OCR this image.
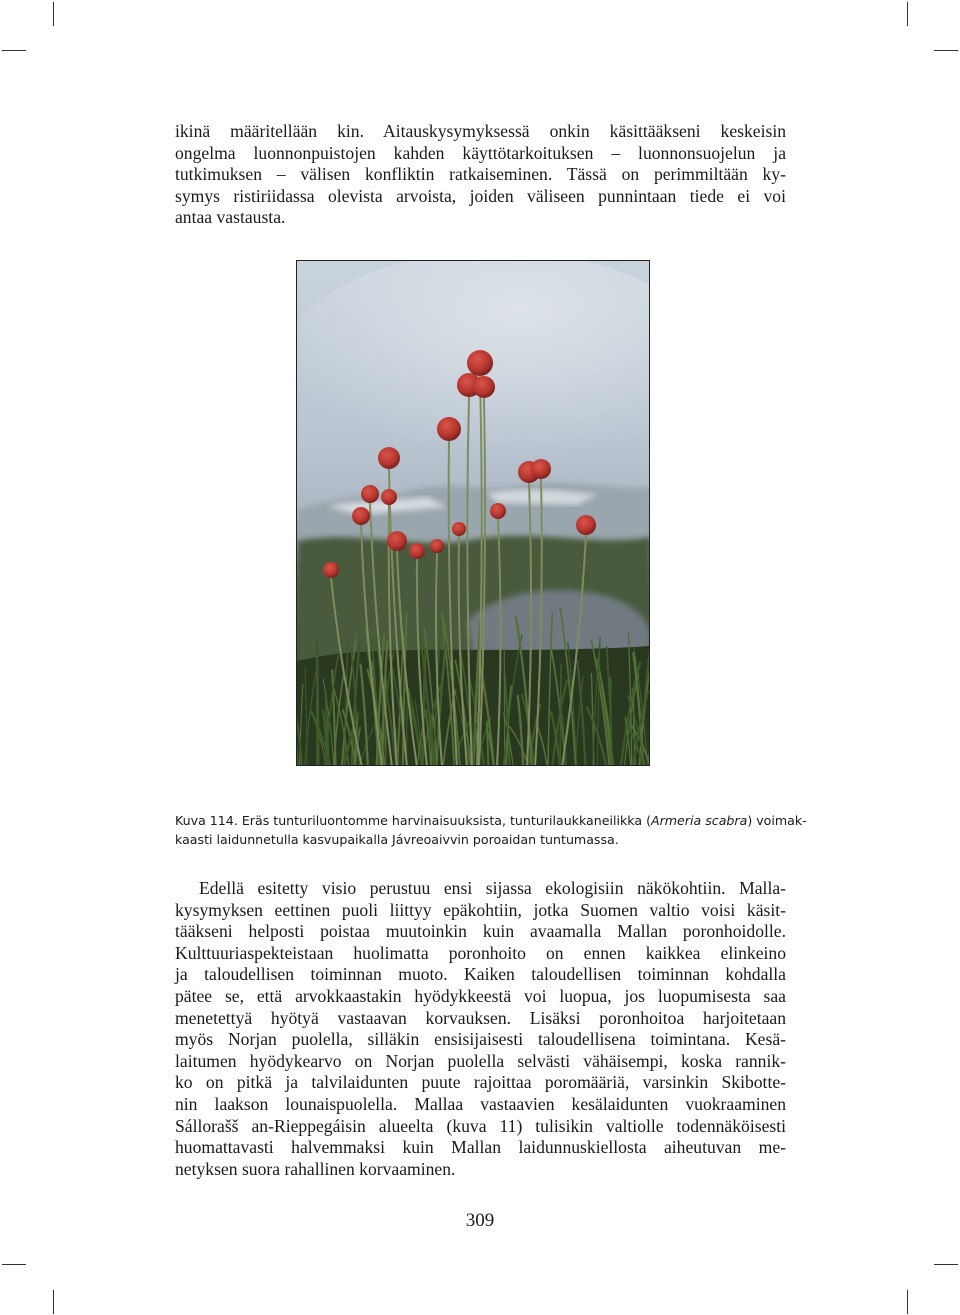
ikinä määritellään kin. Aitauskysymyksessä onkin käsittääkseni keskeisin
ongelma luonnonpuistojen kahden käyttötarkoituksen – luonnonsuojelun ja
tutkimuksen – välisen konfliktin ratkaiseminen. Tässä on perimmiltään ky-
symys ristiriidassa olevista arvoista, joiden väliseen punnintaan tiede ei voi
antaa vastausta.

Kuva 114. Eräs tunturiluontomme harvinaisuuksista, tunturilaukkaneilikka (Armeria scabra) voimak-
kaasti laidunnetulla kasvupaikalla Jávreoaivvin poroaidan tuntumassa.

Edellä esitetty visio perustuu ensi sijassa ekologisiin näkökohtiin. Malla-
kysymyksen eettinen puoli liittyy epäkohtiin, jotka Suomen valtio voisi käsit-
tääkseni helposti poistaa muutoinkin kuin avaamalla Mallan poronhoidolle.
Kulttuuriaspekteistaan huolimatta poronhoito on ennen kaikkea elinkeino
ja taloudellisen toiminnan muoto. Kaiken taloudellisen toiminnan kohdalla
pätee se, että arvokkaastakin hyödykkeestä voi luopua, jos luopumisesta saa
menetettyä hyötyä vastaavan korvauksen. Lisäksi poronhoitoa harjoitetaan
myös Norjan puolella, silläkin ensisijaisesti taloudellisena toimintana. Kesä-
laitumen hyödykearvo on Norjan puolella selvästi vähäisempi, koska rannik-
ko on pitkä ja talvilaidunten puute rajoittaa poromääriä, varsinkin Skibotte-
nin laakson lounaispuolella. Mallaa vastaavien kesälaidunten vuokraaminen
Sállorašš an-Rieppegáisin alueelta (kuva 11) tulisikin valtiolle todennäköisesti
huomattavasti halvemmaksi kuin Mallan laidunnuskiellosta aiheutuvan me-
netyksen suora rahallinen korvaaminen.

309
